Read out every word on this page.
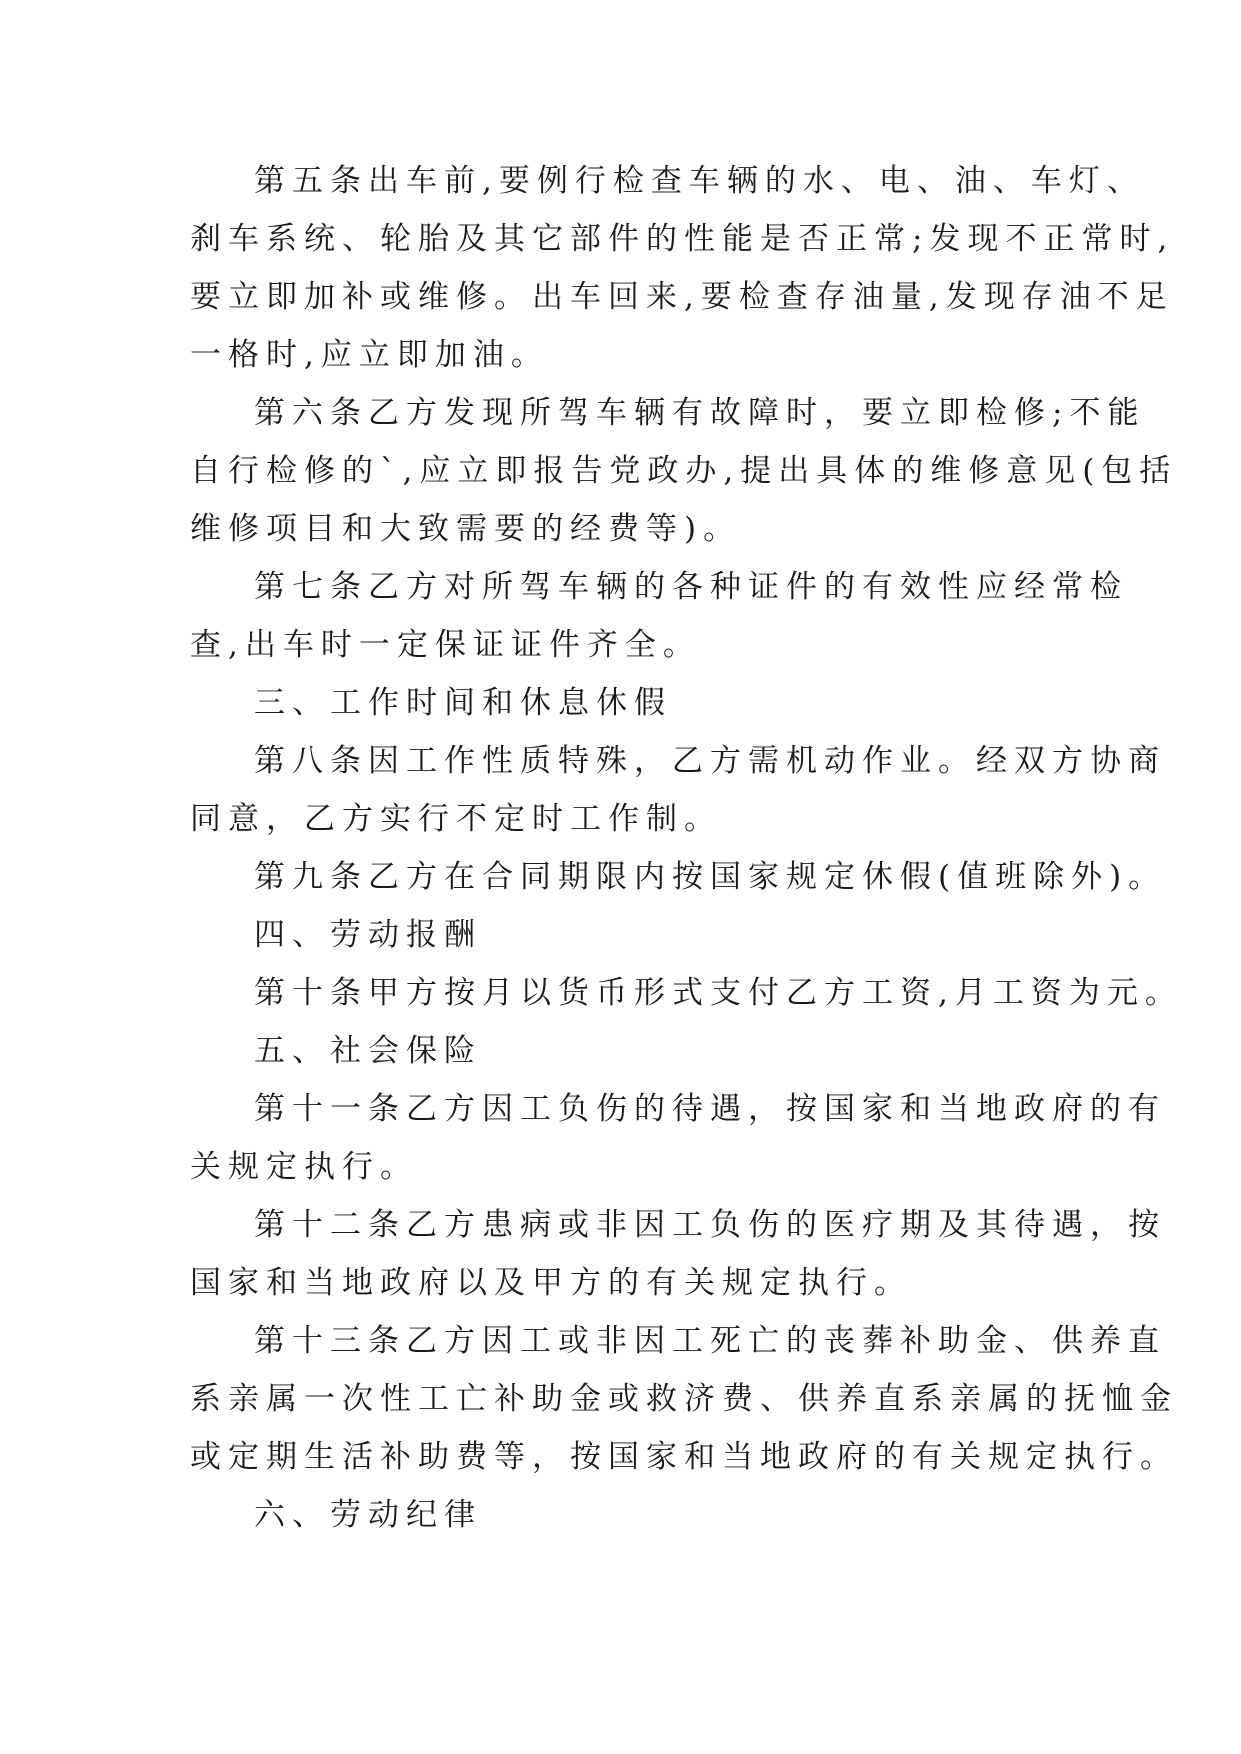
第五条出车前,要例行检查车辆的水、电、油、车灯、
刹车系统、轮胎及其它部件的性能是否正常;发现不正常时,
要立即加补或维修。出车回来,要检查存油量,发现存油不足
一格时,应立即加油。
第六条乙方发现所驾车辆有故障时，要立即检修;不能
自行检修的`,应立即报告党政办,提出具体的维修意见(包括
维修项目和大致需要的经费等)。
第七条乙方对所驾车辆的各种证件的有效性应经常检
查,出车时一定保证证件齐全。
三、工作时间和休息休假
第八条因工作性质特殊，乙方需机动作业。经双方协商
同意，乙方实行不定时工作制。
第九条乙方在合同期限内按国家规定休假(值班除外)。
四、劳动报酬
第十条甲方按月以货币形式支付乙方工资,月工资为元。
五、社会保险
第十一条乙方因工负伤的待遇，按国家和当地政府的有
关规定执行。
第十二条乙方患病或非因工负伤的医疗期及其待遇，按
国家和当地政府以及甲方的有关规定执行。
第十三条乙方因工或非因工死亡的丧葬补助金、供养直
系亲属一次性工亡补助金或救济费、供养直系亲属的抚恤金
或定期生活补助费等，按国家和当地政府的有关规定执行。
六、劳动纪律
